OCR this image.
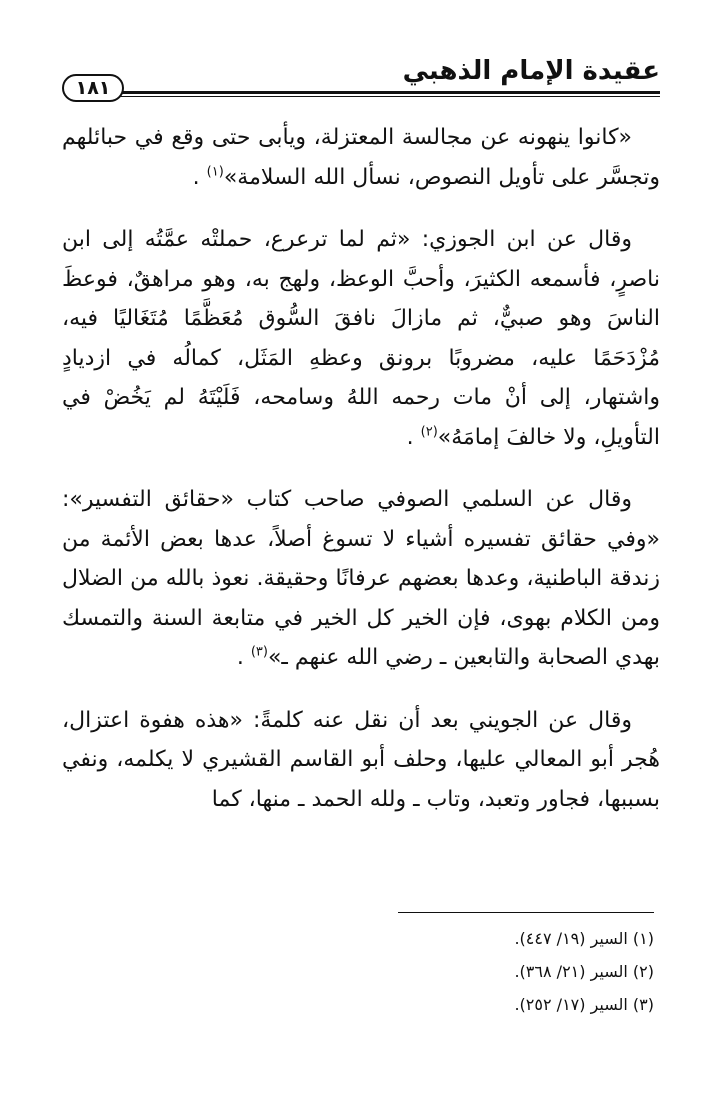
عقيدة الإمام الذهبي
١٨١

«كانوا ينهونه عن مجالسة المعتزلة، ويأبى حتى وقع في حبائلهم وتجسَّر على تأويل النصوص، نسأل الله السلامة»$^{(١)}$ .

وقال عن ابن الجوزي: «ثم لما ترعرع، حملتْه عمَّتُه إلى ابن ناصرٍ، فأسمعه الكثيرَ، وأحبَّ الوعظ، ولهج به، وهو مراهقٌ، فوعظَ الناسَ وهو صبيٌّ، ثم مازالَ نافقَ السُّوق مُعَظَّمًا مُتَغَاليًا فيه، مُزْدَحَمًا عليه، مضروبًا برونق وعظهِ المَثَل، كمالُه في ازديادٍ واشتهار، إلى أنْ مات رحمه اللهُ وسامحه، فَلَيْتَهُ لم يَخُضْ في التأويلِ، ولا خالفَ إمامَهُ»$^{(٢)}$ .

وقال عن السلمي الصوفي صاحب كتاب «حقائق التفسير»: «وفي حقائق تفسيره أشياء لا تسوغ أصلاً، عدها بعض الأئمة من زندقة الباطنية، وعدها بعضهم عرفانًا وحقيقة. نعوذ بالله من الضلال ومن الكلام بهوى، فإن الخير كل الخير في متابعة السنة والتمسك بهدي الصحابة والتابعين ـ رضي الله عنهم ـ»$^{(٣)}$ .

وقال عن الجويني بعد أن نقل عنه كلمةً: «هذه هفوة اعتزال، هُجر أبو المعالي عليها، وحلف أبو القاسم القشيري لا يكلمه، ونفي بسببها، فجاور وتعبد، وتاب ـ ولله الحمد ـ منها، كما

(١) السير (١٩/ ٤٤٧).
(٢) السير (٢١/ ٣٦٨).
(٣) السير (١٧/ ٢٥٢).
